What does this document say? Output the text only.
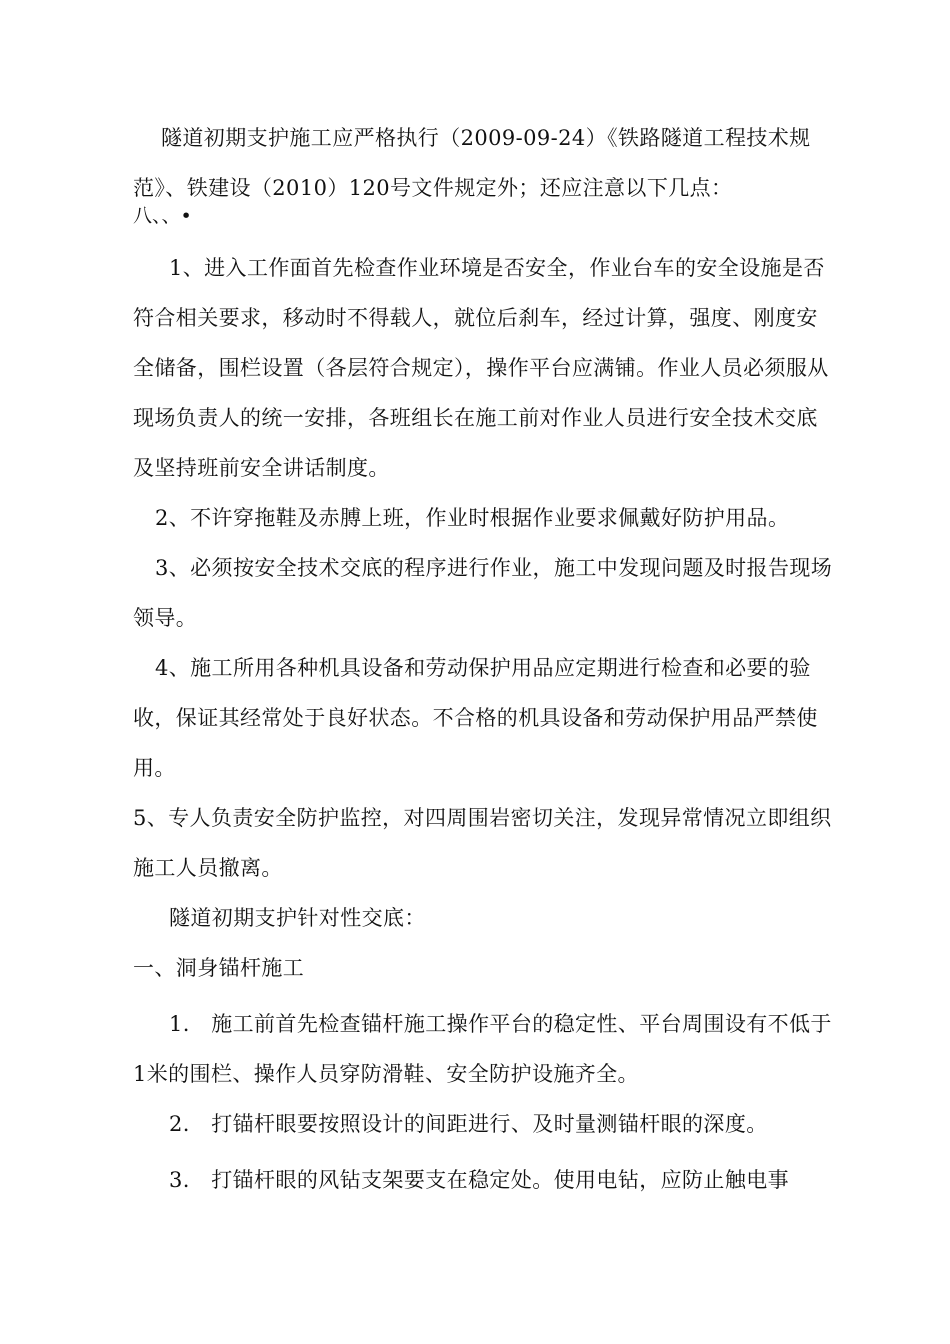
隧道初期支护施工应严格执行（2009-09-24）《铁路隧道工程技术规范》、铁建设（2010）120号文件规定外；还应注意以下几点：

八、、•

1、进入工作面首先检查作业环境是否安全，作业台车的安全设施是否符合相关要求，移动时不得载人，就位后刹车，经过计算，强度、刚度安全储备，围栏设置（各层符合规定），操作平台应满铺。作业人员必须服从现场负责人的统一安排，各班组长在施工前对作业人员进行安全技术交底及坚持班前安全讲话制度。

2、不许穿拖鞋及赤膊上班，作业时根据作业要求佩戴好防护用品。

3、必须按安全技术交底的程序进行作业，施工中发现问题及时报告现场领导。

4、施工所用各种机具设备和劳动保护用品应定期进行检查和必要的验收，保证其经常处于良好状态。不合格的机具设备和劳动保护用品严禁使用。

5、专人负责安全防护监控，对四周围岩密切关注，发现异常情况立即组织施工人员撤离。

隧道初期支护针对性交底：

一、洞身锚杆施工

1.　施工前首先检查锚杆施工操作平台的稳定性、平台周围设有不低于1米的围栏、操作人员穿防滑鞋、安全防护设施齐全。

2.　打锚杆眼要按照设计的间距进行、及时量测锚杆眼的深度。

3.　打锚杆眼的风钻支架要支在稳定处。使用电钻，应防止触电事
